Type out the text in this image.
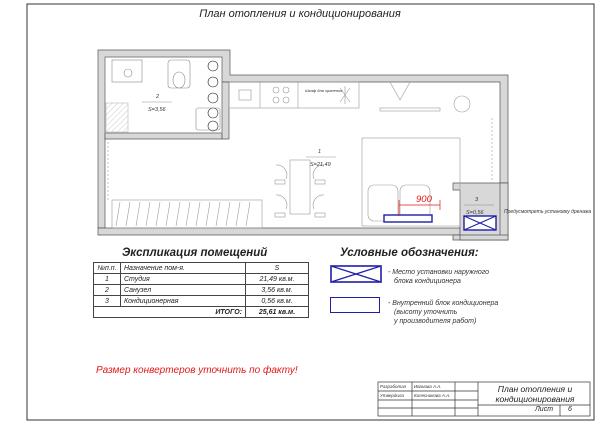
900
2
S=3,56
1
S=21,49
3
S=0,56
Шкаф для хранения
Предусмотреть установку дренажа
План отопления и кондиционирования
Экспликация помещений
№п.п.	Назначение пом-я.	S
1	Студия	21,49 кв.м.
2	Санузел	3,56 кв.м.
3	Кондиционерная	0,56 кв.м.
ИТОГО:		25,61 кв.м.
Условные обозначения:
- Место установки наружного
блока кондиционера
- Внутренний блок кондиционера
(высоту уточнить
у производителя работ)
Размер конвертеров уточнить по факту!
Разработал Иванова А.А.
Утвердила Колесникова А.А.
План отопления и
кондиционирования
Лист 6
